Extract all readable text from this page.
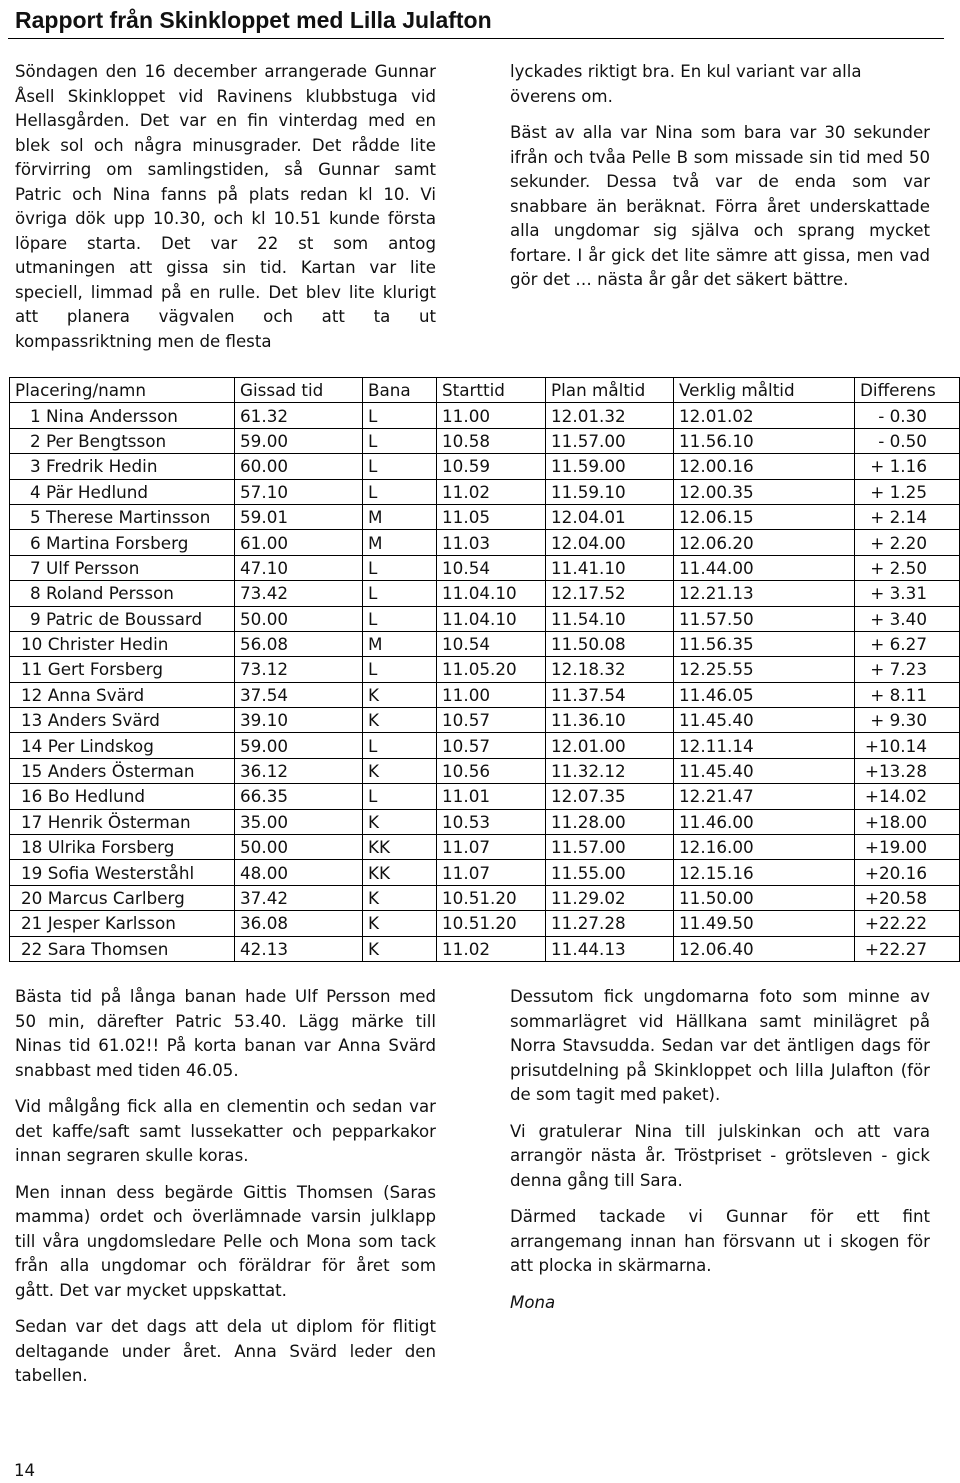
Rapport från Skinkloppet med Lilla Julafton

Söndagen den 16 december arrangerade Gunnar Åsell Skinkloppet vid Ravinens klubbstuga vid Hellasgården. Det var en fin vinterdag med en blek sol och några minusgrader. Det rådde lite förvirring om samlingstiden, så Gunnar samt Patric och Nina fanns på plats redan kl 10. Vi övriga dök upp 10.30, och kl 10.51 kunde första löpare starta. Det var 22 st som antog utmaningen att gissa sin tid. Kartan var lite speciell, limmad på en rulle. Det blev lite klurigt att planera vägvalen och att ta ut kompassriktning men de flesta

lyckades riktigt bra. En kul variant var alla överens om.

Bäst av alla var Nina som bara var 30 sekunder ifrån och tvåa Pelle B som missade sin tid med 50 sekunder. Dessa två var de enda som var snabbare än beräknat. Förra året underskattade alla ungdomar sig själva och sprang mycket fortare. I år gick det lite sämre att gissa, men vad gör det … nästa år går det säkert bättre.

Placering/namn	Gissad tid	Bana	Starttid	Plan måltid	Verklig måltid	Differens
1 Nina Andersson	61.32	L	11.00	12.01.32	12.01.02	- 0.30
2 Per Bengtsson	59.00	L	10.58	11.57.00	11.56.10	- 0.50
3 Fredrik Hedin	60.00	L	10.59	11.59.00	12.00.16	+ 1.16
4 Pär Hedlund	57.10	L	11.02	11.59.10	12.00.35	+ 1.25
5 Therese Martinsson	59.01	M	11.05	12.04.01	12.06.15	+ 2.14
6 Martina Forsberg	61.00	M	11.03	12.04.00	12.06.20	+ 2.20
7 Ulf Persson	47.10	L	10.54	11.41.10	11.44.00	+ 2.50
8 Roland Persson	73.42	L	11.04.10	12.17.52	12.21.13	+ 3.31
9 Patric de Boussard	50.00	L	11.04.10	11.54.10	11.57.50	+ 3.40
10 Christer Hedin	56.08	M	10.54	11.50.08	11.56.35	+ 6.27
11 Gert Forsberg	73.12	L	11.05.20	12.18.32	12.25.55	+ 7.23
12 Anna Svärd	37.54	K	11.00	11.37.54	11.46.05	+ 8.11
13 Anders Svärd	39.10	K	10.57	11.36.10	11.45.40	+ 9.30
14 Per Lindskog	59.00	L	10.57	12.01.00	12.11.14	+10.14
15 Anders Österman	36.12	K	10.56	11.32.12	11.45.40	+13.28
16 Bo Hedlund	66.35	L	11.01	12.07.35	12.21.47	+14.02
17 Henrik Österman	35.00	K	10.53	11.28.00	11.46.00	+18.00
18 Ulrika Forsberg	50.00	KK	11.07	11.57.00	12.16.00	+19.00
19 Sofia Westerståhl	48.00	KK	11.07	11.55.00	12.15.16	+20.16
20 Marcus Carlberg	37.42	K	10.51.20	11.29.02	11.50.00	+20.58
21 Jesper Karlsson	36.08	K	10.51.20	11.27.28	11.49.50	+22.22
22 Sara Thomsen	42.13	K	11.02	11.44.13	12.06.40	+22.27

Bästa tid på långa banan hade Ulf Persson med 50 min, därefter Patric 53.40. Lägg märke till Ninas tid 61.02!! På korta banan var Anna Svärd snabbast med tiden 46.05.

Vid målgång fick alla en clementin och sedan var det kaffe/saft samt lussekatter och pepparkakor innan segraren skulle koras.

Men innan dess begärde Gittis Thomsen (Saras mamma) ordet och överlämnade varsin julklapp till våra ungdomsledare Pelle och Mona som tack från alla ungdomar och föräldrar för året som gått. Det var mycket uppskattat.

Sedan var det dags att dela ut diplom för flitigt deltagande under året. Anna Svärd leder den tabellen.

Dessutom fick ungdomarna foto som minne av sommarlägret vid Hällkana samt minilägret på Norra Stavsudda. Sedan var det äntligen dags för prisutdelning på Skinkloppet och lilla Julafton (för de som tagit med paket).

Vi gratulerar Nina till julskinkan och att vara arrangör nästa år. Tröstpriset - grötsleven - gick denna gång till Sara.

Därmed tackade vi Gunnar för ett fint arrangemang innan han försvann ut i skogen för att plocka in skärmarna.

Mona

14
